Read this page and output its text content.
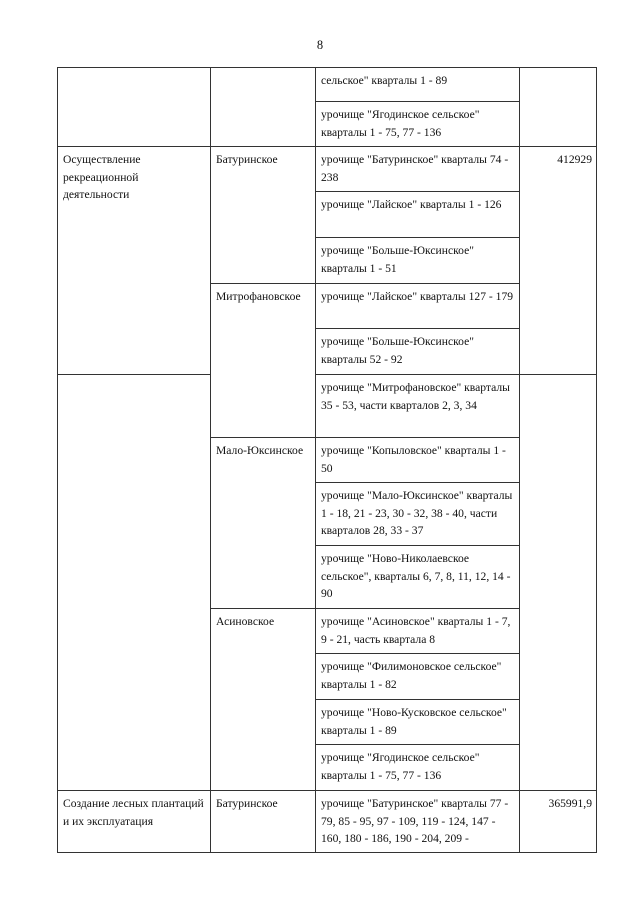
8
		сельское" кварталы 1 - 89	
		урочище "Ягодинское сельское" кварталы 1 - 75, 77 - 136	
Осуществление рекреационной деятельности	Батуринское	урочище "Батуринское" кварталы 74 - 238	412929
		урочище "Лайское" кварталы 1 - 126	
		урочище "Больше-Юксинское" кварталы 1 - 51	
	Митрофановское	урочище "Лайское" кварталы 127 - 179	
		урочище "Больше-Юксинское" кварталы 52 - 92	
		урочище "Митрофановское" кварталы 35 - 53, части кварталов 2, 3, 34	
	Мало-Юксинское	урочище "Копыловское" кварталы 1 - 50	
		урочище "Мало-Юксинское" кварталы 1 - 18, 21 - 23, 30 - 32, 38 - 40, части кварталов 28, 33 - 37	
		урочище "Ново-Николаевское сельское", кварталы 6, 7, 8, 11, 12, 14 - 90	
	Асиновское	урочище "Асиновское" кварталы 1 - 7, 9 - 21, часть квартала 8	
		урочище "Филимоновское сельское" кварталы 1 - 82	
		урочище "Ново-Кусковское сельское" кварталы 1 - 89	
		урочище "Ягодинское сельское" кварталы 1 - 75, 77 - 136	
Создание лесных плантаций и их эксплуатация	Батуринское	урочище "Батуринское" кварталы 77 - 79, 85 - 95, 97 - 109, 119 - 124, 147 - 160, 180 - 186, 190 - 204, 209 -	365991,9
